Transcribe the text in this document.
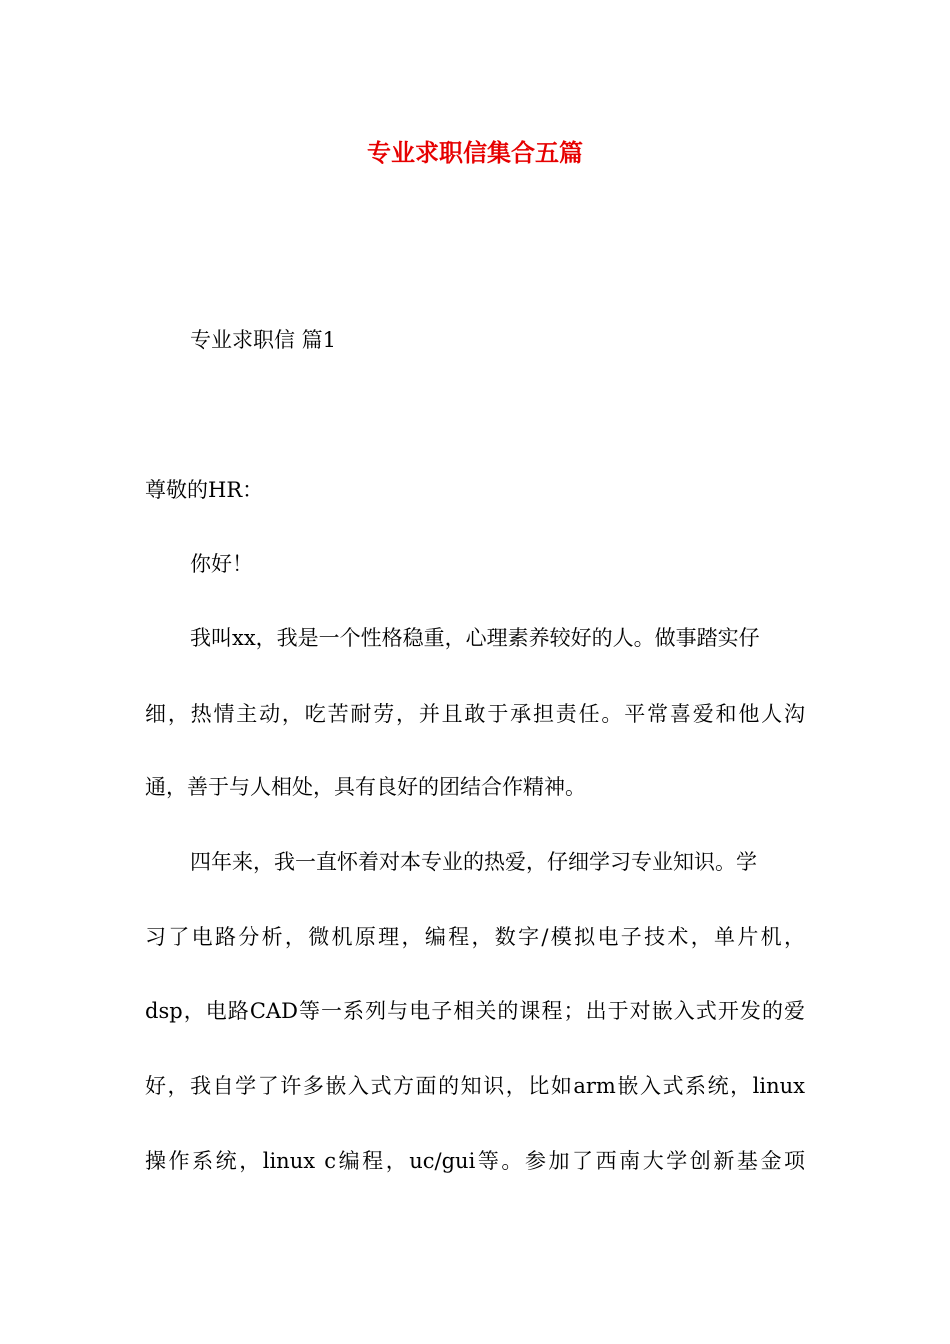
专业求职信集合五篇

专业求职信 篇1

尊敬的HR：

你好！

我叫xx，我是一个性格稳重，心理素养较好的人。做事踏实仔

细，热情主动，吃苦耐劳，并且敢于承担责任。平常喜爱和他人沟

通，善于与人相处，具有良好的团结合作精神。

四年来，我一直怀着对本专业的热爱，仔细学习专业知识。学

习了电路分析，微机原理，编程，数字/模拟电子技术，单片机，

dsp，电路CAD等一系列与电子相关的课程；出于对嵌入式开发的爱

好，我自学了许多嵌入式方面的知识，比如arm嵌入式系统，linux

操作系统，linux c编程，uc/gui等。参加了西南大学创新基金项
